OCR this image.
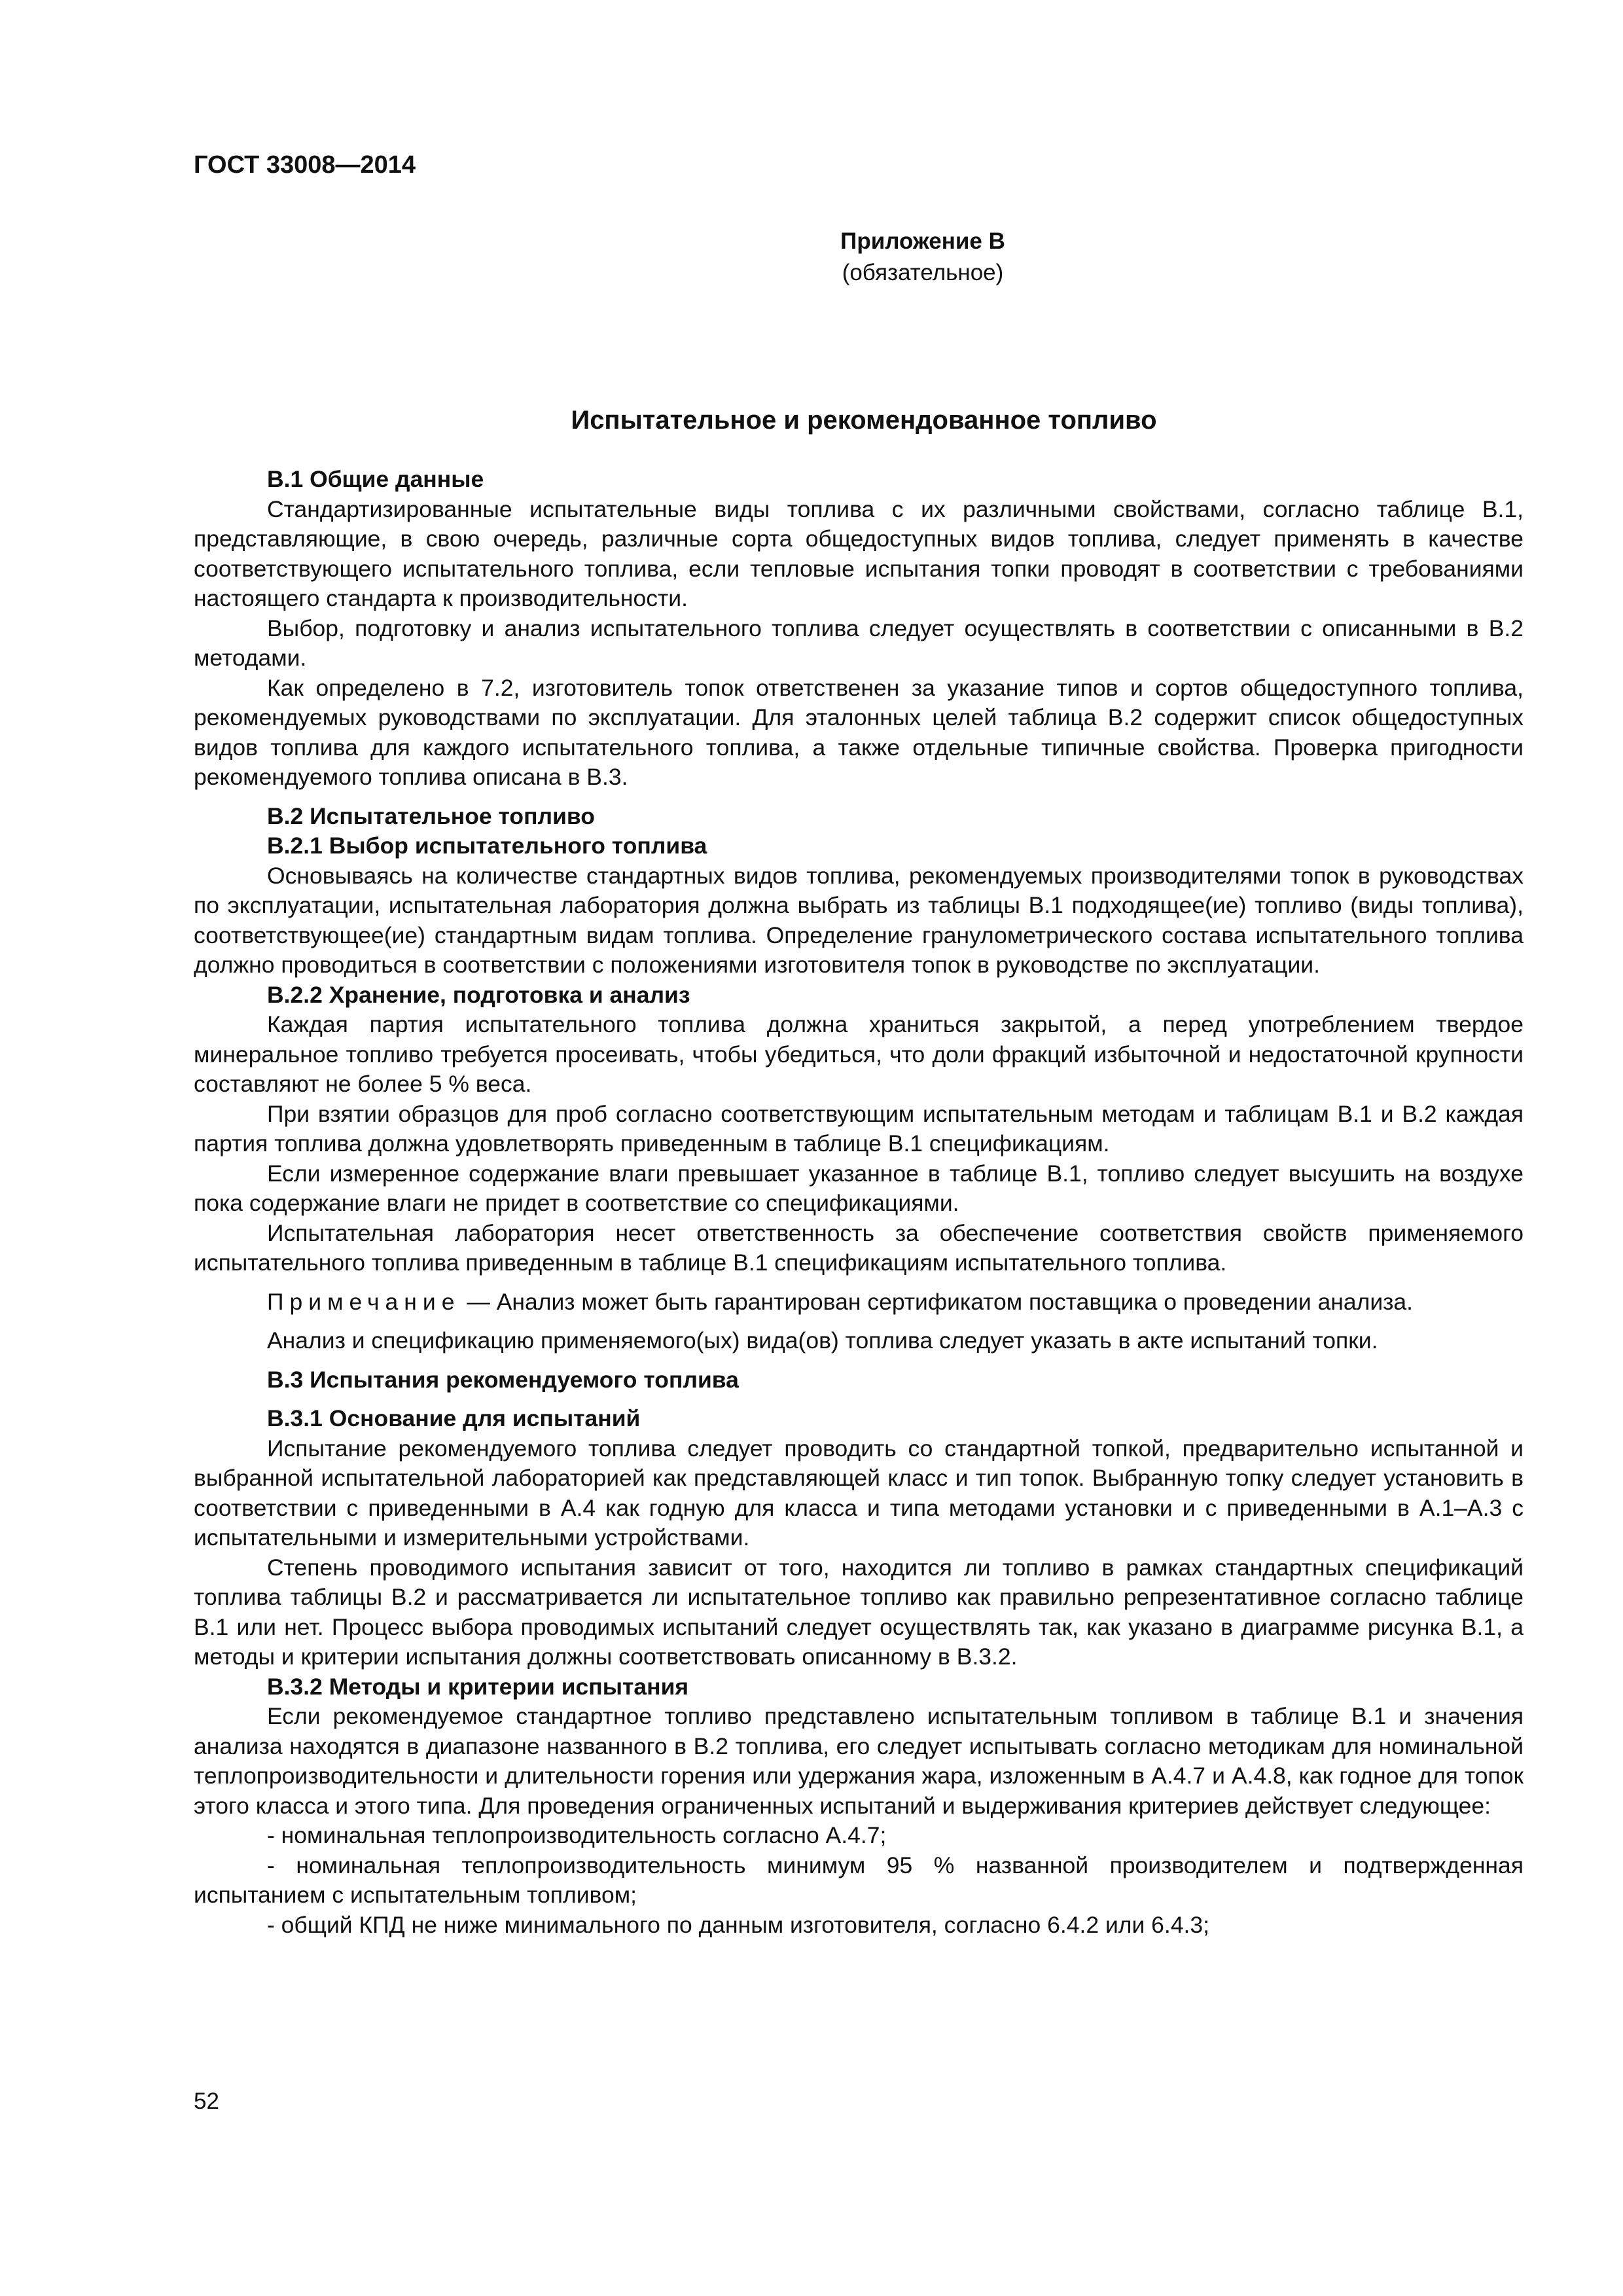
ГОСТ 33008—2014
Приложение В
(обязательное)
Испытательное и рекомендованное топливо

В.1 Общие данные

Стандартизированные испытательные виды топлива с их различными свойствами, согласно таблице В.1, представляющие, в свою очередь, различные сорта общедоступных видов топлива, следует применять в качестве соответствующего испытательного топлива, если тепловые испытания топки проводят в соответствии с требованиями настоящего стандарта к производительности.

Выбор, подготовку и анализ испытательного топлива следует осуществлять в соответствии с описанными в В.2 методами.

Как определено в 7.2, изготовитель топок ответственен за указание типов и сортов общедоступного топлива, рекомендуемых руководствами по эксплуатации. Для эталонных целей таблица В.2 содержит список общедоступных видов топлива для каждого испытательного топлива, а также отдельные типичные свойства. Проверка пригодности рекомендуемого топлива описана в В.3.

В.2 Испытательное топливо

В.2.1 Выбор испытательного топлива

Основываясь на количестве стандартных видов топлива, рекомендуемых производителями топок в руководствах по эксплуатации, испытательная лаборатория должна выбрать из таблицы В.1 подходящее(ие) топливо (виды топлива), соответствующее(ие) стандартным видам топлива. Определение гранулометрического состава испытательного топлива должно проводиться в соответствии с положениями изготовителя топок в руководстве по эксплуатации.

В.2.2 Хранение, подготовка и анализ

Каждая партия испытательного топлива должна храниться закрытой, а перед употреблением твердое минеральное топливо требуется просеивать, чтобы убедиться, что доли фракций избыточной и недостаточной крупности составляют не более 5 % веса.

При взятии образцов для проб согласно соответствующим испытательным методам и таблицам В.1 и В.2 каждая партия топлива должна удовлетворять приведенным в таблице В.1 спецификациям.

Если измеренное содержание влаги превышает указанное в таблице В.1, топливо следует высушить на воздухе пока содержание влаги не придет в соответствие со спецификациями.

Испытательная лаборатория несет ответственность за обеспечение соответствия свойств применяемого испытательного топлива приведенным в таблице В.1 спецификациям испытательного топлива.

Примечание — Анализ может быть гарантирован сертификатом поставщика о проведении анализа.

Анализ и спецификацию применяемого(ых) вида(ов) топлива следует указать в акте испытаний топки.

В.3 Испытания рекомендуемого топлива

В.3.1 Основание для испытаний

Испытание рекомендуемого топлива следует проводить со стандартной топкой, предварительно испытанной и выбранной испытательной лабораторией как представляющей класс и тип топок. Выбранную топку следует установить в соответствии с приведенными в А.4 как годную для класса и типа методами установки и с приведенными в А.1–А.3 с испытательными и измерительными устройствами.

Степень проводимого испытания зависит от того, находится ли топливо в рамках стандартных спецификаций топлива таблицы В.2 и рассматривается ли испытательное топливо как правильно репрезентативное согласно таблице В.1 или нет. Процесс выбора проводимых испытаний следует осуществлять так, как указано в диаграмме рисунка В.1, а методы и критерии испытания должны соответствовать описанному в В.3.2.

В.3.2 Методы и критерии испытания

Если рекомендуемое стандартное топливо представлено испытательным топливом в таблице В.1 и значения анализа находятся в диапазоне названного в В.2 топлива, его следует испытывать согласно методикам для номинальной теплопроизводительности и длительности горения или удержания жара, изложенным в А.4.7 и А.4.8, как годное для топок этого класса и этого типа. Для проведения ограниченных испытаний и выдерживания критериев действует следующее:

- номинальная теплопроизводительность согласно А.4.7;

- номинальная теплопроизводительность минимум 95 % названной производителем и подтвержденная испытанием с испытательным топливом;

- общий КПД не ниже минимального по данным изготовителя, согласно 6.4.2 или 6.4.3;

52
